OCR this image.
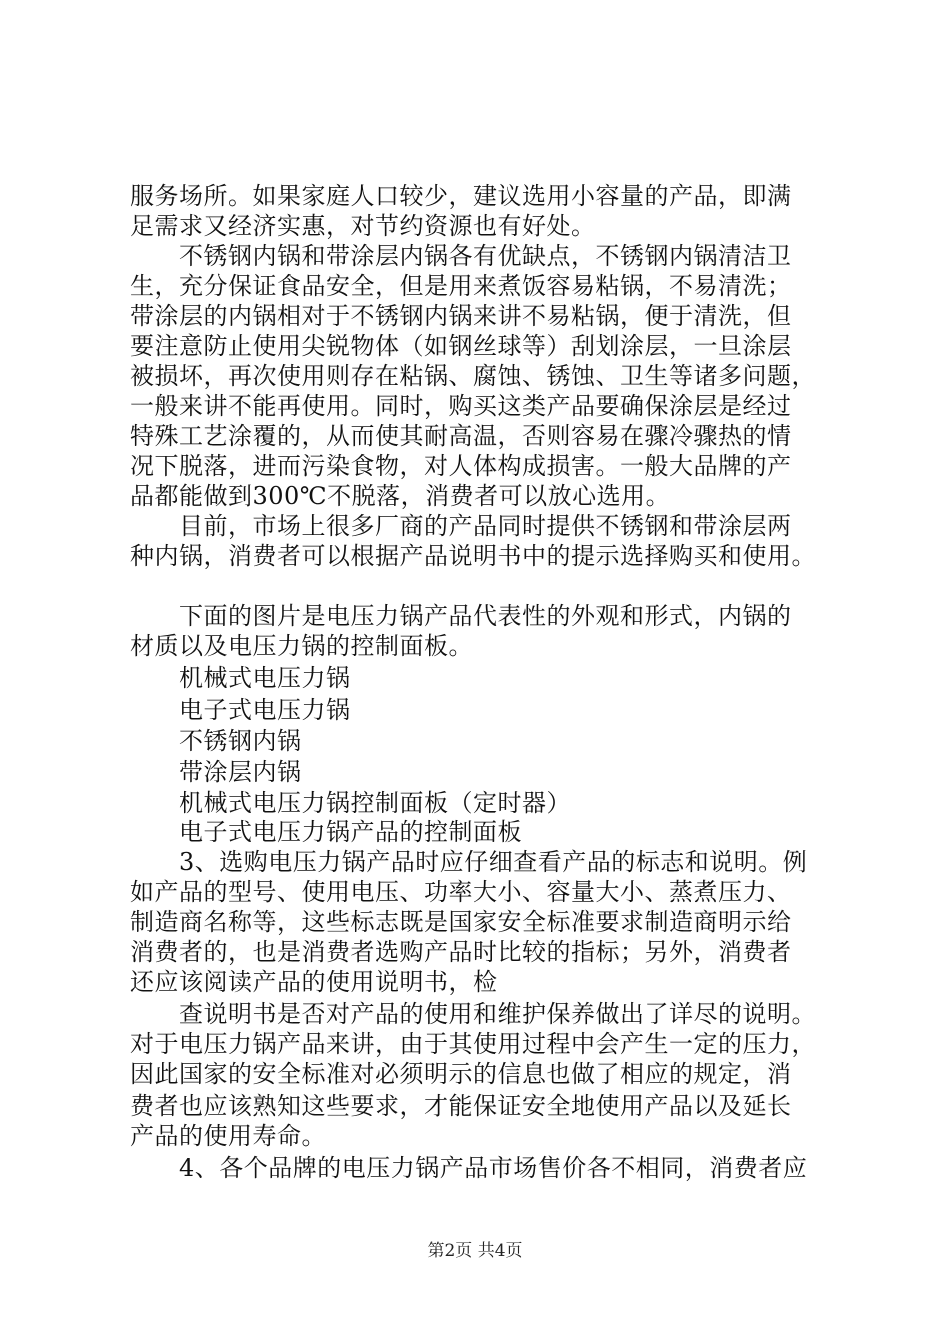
服务场所。如果家庭人口较少，建议选用小容量的产品，即满
足需求又经济实惠，对节约资源也有好处。
　　不锈钢内锅和带涂层内锅各有优缺点，不锈钢内锅清洁卫
生，充分保证食品安全，但是用来煮饭容易粘锅，不易清洗；
带涂层的内锅相对于不锈钢内锅来讲不易粘锅，便于清洗，但
要注意防止使用尖锐物体（如钢丝球等）刮划涂层，一旦涂层
被损坏，再次使用则存在粘锅、腐蚀、锈蚀、卫生等诸多问题，
一般来讲不能再使用。同时，购买这类产品要确保涂层是经过
特殊工艺涂覆的，从而使其耐高温，否则容易在骤冷骤热的情
况下脱落，进而污染食物，对人体构成损害。一般大品牌的产
品都能做到300℃不脱落，消费者可以放心选用。
　　目前，市场上很多厂商的产品同时提供不锈钢和带涂层两
种内锅，消费者可以根据产品说明书中的提示选择购买和使用。
　　下面的图片是电压力锅产品代表性的外观和形式，内锅的
材质以及电压力锅的控制面板。
　　机械式电压力锅
　　电子式电压力锅
　　不锈钢内锅
　　带涂层内锅
　　机械式电压力锅控制面板（定时器）
　　电子式电压力锅产品的控制面板
　　3、选购电压力锅产品时应仔细查看产品的标志和说明。例
如产品的型号、使用电压、功率大小、容量大小、蒸煮压力、
制造商名称等，这些标志既是国家安全标准要求制造商明示给
消费者的，也是消费者选购产品时比较的指标；另外，消费者
还应该阅读产品的使用说明书，检
　　查说明书是否对产品的使用和维护保养做出了详尽的说明。
对于电压力锅产品来讲，由于其使用过程中会产生一定的压力，
因此国家的安全标准对必须明示的信息也做了相应的规定，消
费者也应该熟知这些要求，才能保证安全地使用产品以及延长
产品的使用寿命。
　　4、各个品牌的电压力锅产品市场售价各不相同，消费者应
第2页 共4页
